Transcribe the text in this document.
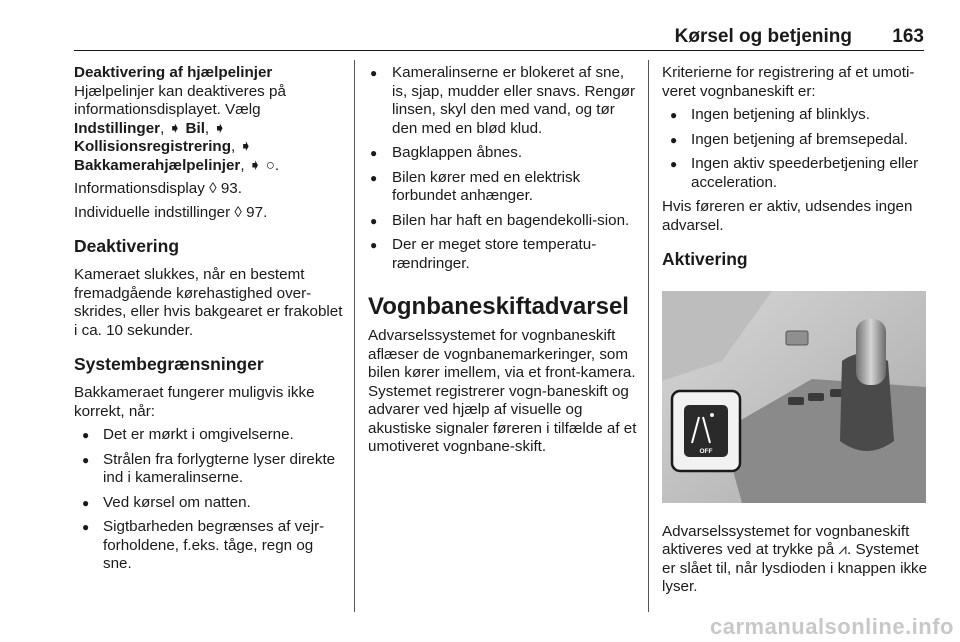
Kørsel og betjening 163

Deaktivering af hjælpelinjer

Hjælpelinjer kan deaktiveres på informationsdisplayet. Vælg
Indstillinger, ➧ Bil, ➧
Kollisionsregistrering, ➧
Bakkamerahjælpelinjer, ➧ ○.

Informationsdisplay ◊ 93.

Individuelle indstillinger ◊ 97.

Deaktivering

Kameraet slukkes, når en bestemt fremadgående kørehastighed over-skrides, eller hvis bakgearet er frakoblet i ca. 10 sekunder.

Systembegrænsninger

Bakkameraet fungerer muligvis ikke korrekt, når:

● Det er mørkt i omgivelserne.
● Strålen fra forlygterne lyser direkte ind i kameralinserne.
● Ved kørsel om natten.
● Sigtbarheden begrænses af vejr-forholdene, f.eks. tåge, regn og sne.
● Kameralinserne er blokeret af sne, is, sjap, mudder eller snavs. Rengør linsen, skyl den med vand, og tør den med en blød klud.
● Bagklappen åbnes.
● Bilen kører med en elektrisk forbundet anhænger.
● Bilen har haft en bagendekolli-sion.
● Der er meget store temperatu-rændringer.
Vognbaneskiftadvarsel

Advarselssystemet for vognbaneskift aflæser de vognbanemarkeringer, som bilen kører imellem, via et front-kamera. Systemet registrerer vogn-baneskift og advarer ved hjælp af visuelle og akustiske signaler føreren i tilfælde af et umotiveret vognbane-skift.

Kriterierne for registrering af et umoti-veret vognbaneskift er:

● Ingen betjening af blinklys.
● Ingen betjening af bremsepedal.
● Ingen aktiv speederbetjening eller acceleration.

Hvis føreren er aktiv, udsendes ingen advarsel.

Aktivering
OFF

Advarselssystemet for vognbaneskift aktiveres ved at trykke på ⩘. Systemet er slået til, når lysdioden i knappen ikke lyser.

carmanualsonline.info
